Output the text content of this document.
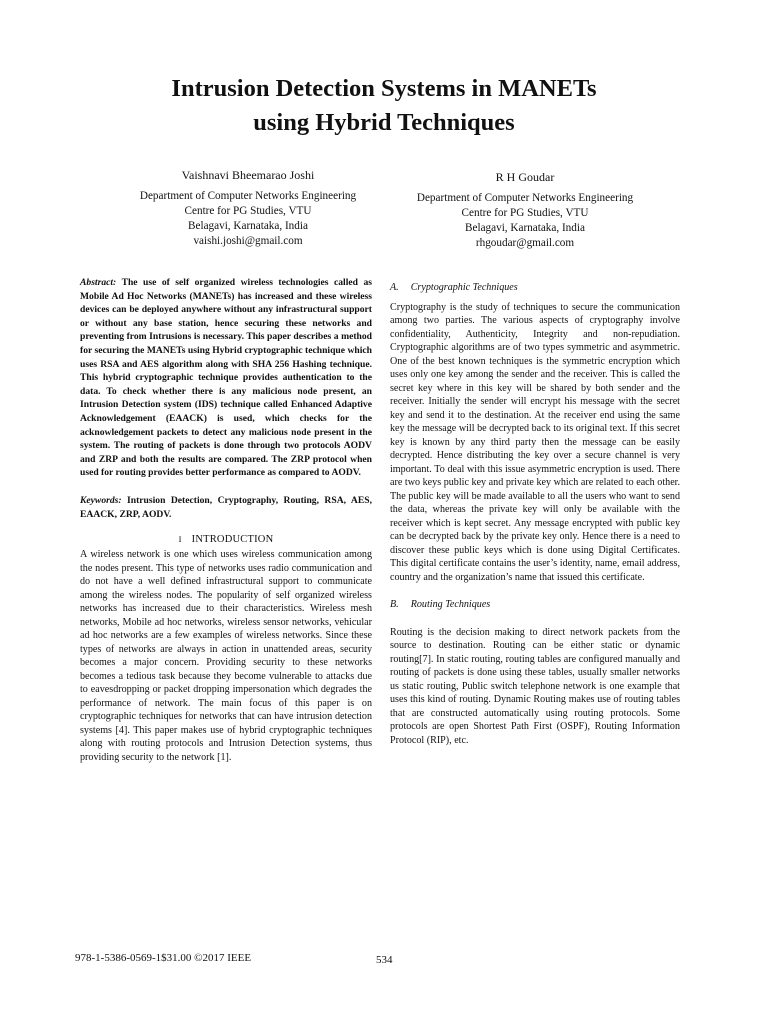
Intrusion Detection Systems in MANETs
using Hybrid Techniques
Vaishnavi Bheemarao Joshi
Department of Computer Networks Engineering
Centre for PG Studies, VTU
Belagavi, Karnataka, India
vaishi.joshi@gmail.com
R H Goudar
Department of Computer Networks Engineering
Centre for PG Studies, VTU
Belagavi, Karnataka, India
rhgoudar@gmail.com

Abstract: The use of self organized wireless technologies called as Mobile Ad Hoc Networks (MANETs) has increased and these wireless devices can be deployed anywhere without any infrastructural support or without any base station, hence securing these networks and preventing from Intrusions is necessary. This paper describes a method for securing the MANETs using Hybrid cryptographic technique which uses RSA and AES algorithm along with SHA 256 Hashing technique. This hybrid cryptographic technique provides authentication to the data. To check whether there is any malicious node present, an Intrusion Detection system (IDS) technique called Enhanced Adaptive Acknowledgement (EAACK) is used, which checks for the acknowledgement packets to detect any malicious node present in the system. The routing of packets is done through two protocols AODV and ZRP and both the results are compared. The ZRP protocol when used for routing provides better performance as compared to AODV.

Keywords: Intrusion Detection, Cryptography, Routing, RSA, AES, EAACK, ZRP, AODV.

I INTRODUCTION

A wireless network is one which uses wireless communication among the nodes present. This type of networks uses radio communication and do not have a well defined infrastructural support to communicate among the wireless nodes. The popularity of self organized wireless networks has increased due to their characteristics. Wireless mesh networks, Mobile ad hoc networks, wireless sensor networks, vehicular ad hoc networks are a few examples of wireless networks. Since these types of networks are always in action in unattended areas, security becomes a major concern. Providing security to these networks becomes a tedious task because they become vulnerable to attacks due to eavesdropping or packet dropping impersonation which degrades the performance of network. The main focus of this paper is on cryptographic techniques for networks that can have intrusion detection systems [4]. This paper makes use of hybrid cryptographic techniques along with routing protocols and Intrusion Detection systems, thus providing security to the network [1].

A. Cryptographic Techniques

Cryptography is the study of techniques to secure the communication among two parties. The various aspects of cryptography involve confidentiality, Authenticity, Integrity and non-repudiation. Cryptographic algorithms are of two types symmetric and asymmetric. One of the best known techniques is the symmetric encryption which uses only one key among the sender and the receiver. This is called the secret key where in this key will be shared by both sender and the receiver. Initially the sender will encrypt his message with the secret key and send it to the destination. At the receiver end using the same key the message will be decrypted back to its original text. If this secret key is known by any third party then the message can be easily decrypted. Hence distributing the key over a secure channel is very important. To deal with this issue asymmetric encryption is used. There are two keys public key and private key which are related to each other. The public key will be made available to all the users who want to send the data, whereas the private key will only be available with the receiver which is kept secret. Any message encrypted with public key can be decrypted back by the private key only. Hence there is a need to discover these public keys which is done using Digital Certificates. This digital certificate contains the user’s identity, name, email address, country and the organization’s name that issued this certificate.

B. Routing Techniques

Routing is the decision making to direct network packets from the source to destination. Routing can be either static or dynamic routing[7]. In static routing, routing tables are configured manually and routing of packets is done using these tables, usually smaller networks us static routing, Public switch telephone network is one example that uses this kind of routing. Dynamic Routing makes use of routing tables that are constructed automatically using routing protocols. Some protocols are open Shortest Path First (OSPF), Routing Information Protocol (RIP), etc.

978-1-5386-0569-1$31.00 ©2017 IEEE	534
